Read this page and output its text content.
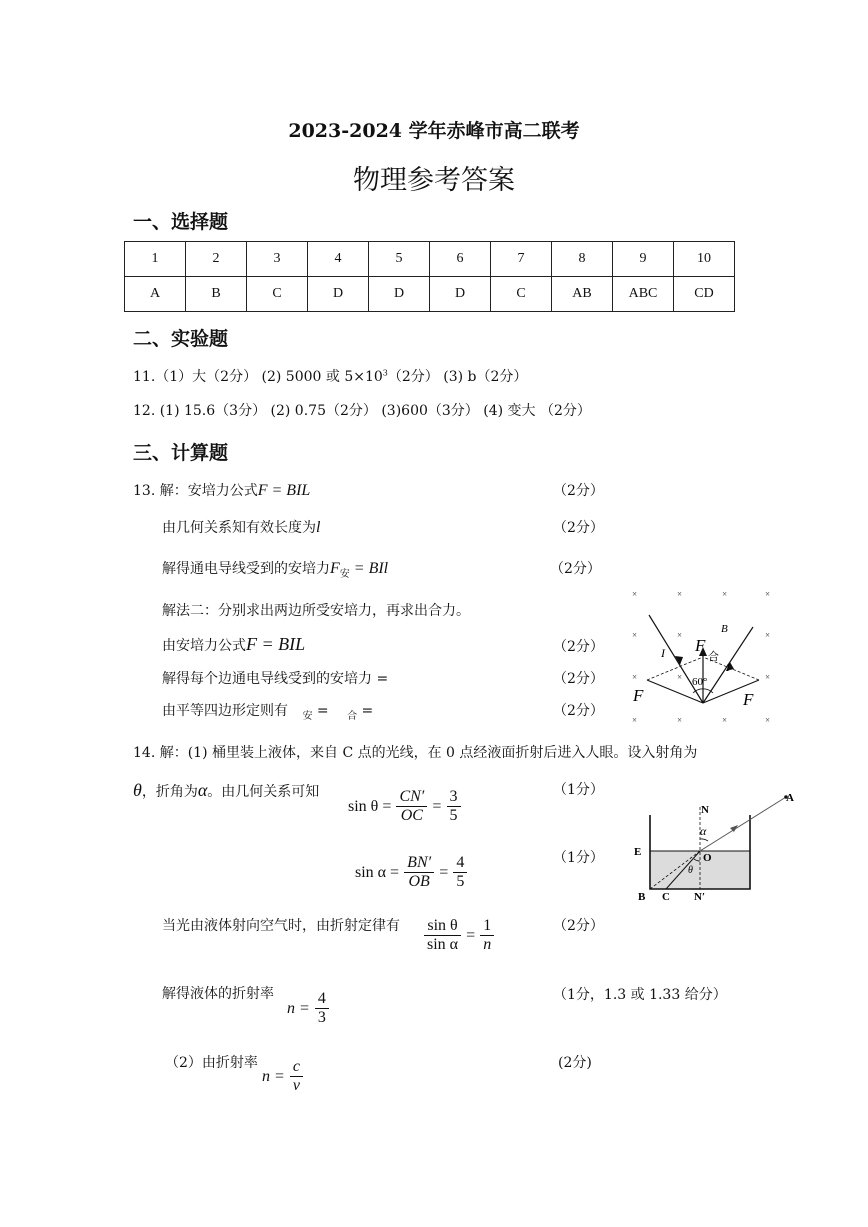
2023-2024 学年赤峰市高二联考
物理参考答案
一、选择题
1	2	3	4	5	6	7	8	9	10
A	B	C	D	D	D	C	AB	ABC	CD
二、实验题
11.（1）大（2分） (2) 5000 或 $5\times 10^3(2$分） (3) b（2分）
12. (1) 15.6（3分） (2) 0.75（2分） (3)600（3分） (4) 变大 （2分）
三、计算题
13. 解：安培力公式F = BIL	（2分）
由几何关系知有效长度为l	（2分）
解得通电导线受到的安培力$F_安$ = BIl	（2分）
解法二：分别求出两边所受安培力，再求出合力。
由安培力公式F = BIL	（2分）
解得每个边通电导线受到的安培力 =	（2分）
由平等四边形定则有 $_安$ = $_合$ =	（2分）
×	×	×	×
×	×	×
×	×	×
×	×	×	×
I
I
B
F
合
60°
F	F
14. 解：(1) 桶里装上液体，来自 C 点的光线，在 0 点经液面折射后进入人眼。设入射角为
θ，折角为α。由几何关系可知
$\sin \theta = \frac{CN'}{OC} = \frac{3}{5}$	（1分）
$\sin \alpha = \frac{BN'}{OB} = \frac{4}{5}$	（1分）
当光由液体射向空气时，由折射定律有 $\frac{\text{sin θ}}{\text{sin α}} = \frac{1}{n}$	（2分）
解得液体的折射率
$n = \frac{4}{3}$	（1分，1.3 或 1.33 给分）
（2）由折射率
$n = \frac{c}{v}$	(2分)
N
α
A
E	O
θ
B C N′
